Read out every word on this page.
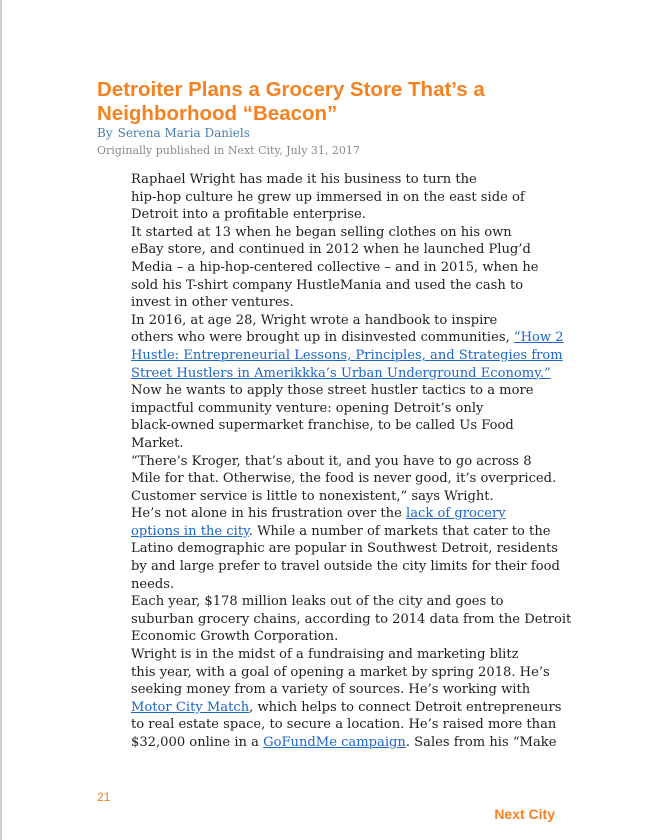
Detroiter Plans a Grocery Store That’s a Neighborhood “Beacon”
By Serena Maria Daniels
Originally published in Next City, July 31, 2017

Raphael Wright has made it his business to turn the
hip-hop culture he grew up immersed in on the east side of
Detroit into a profitable enterprise.

It started at 13 when he began selling clothes on his own
eBay store, and continued in 2012 when he launched Plug’d
Media – a hip-hop-centered collective – and in 2015, when he
sold his T-shirt company HustleMania and used the cash to
invest in other ventures.

In 2016, at age 28, Wright wrote a handbook to inspire
others who were brought up in disinvested communities, “How 2
Hustle: Entrepreneurial Lessons, Principles, and Strategies from
Street Hustlers in Amerikkka’s Urban Underground Economy.”

Now he wants to apply those street hustler tactics to a more
impactful community venture: opening Detroit’s only
black-owned supermarket franchise, to be called Us Food
Market.

“There’s Kroger, that’s about it, and you have to go across 8
Mile for that. Otherwise, the food is never good, it’s overpriced.
Customer service is little to nonexistent,” says Wright.

He’s not alone in his frustration over the lack of grocery
options in the city. While a number of markets that cater to the
Latino demographic are popular in Southwest Detroit, residents
by and large prefer to travel outside the city limits for their food
needs.

Each year, $178 million leaks out of the city and goes to
suburban grocery chains, according to 2014 data from the Detroit
Economic Growth Corporation.

Wright is in the midst of a fundraising and marketing blitz
this year, with a goal of opening a market by spring 2018. He’s
seeking money from a variety of sources. He’s working with
Motor City Match, which helps to connect Detroit entrepreneurs
to real estate space, to secure a location. He’s raised more than
$32,000 online in a GoFundMe campaign. Sales from his “Make

21
Next City
